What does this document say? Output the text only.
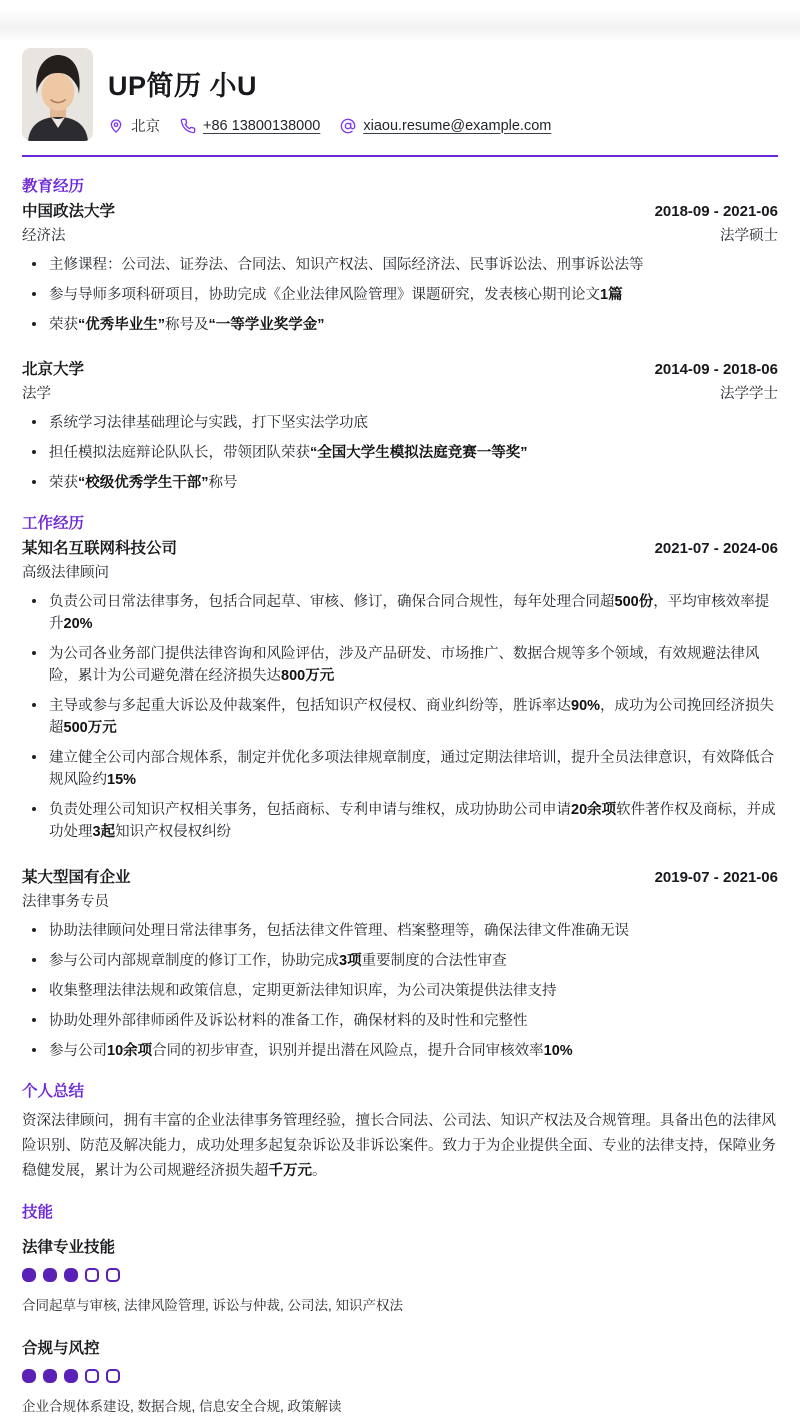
UP简历 小U
北京	+86 13800138000	xiaou.resume@example.com
教育经历
中国政法大学	2018-09 - 2021-06
经济法	法学硕士
主修课程：公司法、证券法、合同法、知识产权法、国际经济法、民事诉讼法、刑事诉讼法等
参与导师多项科研项目，协助完成《企业法律风险管理》课题研究，发表核心期刊论文1篇
荣获“优秀毕业生”称号及“一等学业奖学金”
北京大学	2014-09 - 2018-06
法学	法学学士
系统学习法律基础理论与实践，打下坚实法学功底
担任模拟法庭辩论队队长，带领团队荣获“全国大学生模拟法庭竞赛一等奖”
荣获“校级优秀学生干部”称号
工作经历
某知名互联网科技公司	2021-07 - 2024-06
高级法律顾问
负责公司日常法律事务，包括合同起草、审核、修订，确保合同合规性，每年处理合同超500份，平均审核效率提升20%
为公司各业务部门提供法律咨询和风险评估，涉及产品研发、市场推广、数据合规等多个领域，有效规避法律风险，累计为公司避免潜在经济损失达800万元
主导或参与多起重大诉讼及仲裁案件，包括知识产权侵权、商业纠纷等，胜诉率达90%，成功为公司挽回经济损失超500万元
建立健全公司内部合规体系，制定并优化多项法律规章制度，通过定期法律培训，提升全员法律意识，有效降低合规风险约15%
负责处理公司知识产权相关事务，包括商标、专利申请与维权，成功协助公司申请20余项软件著作权及商标，并成功处理3起知识产权侵权纠纷
某大型国有企业	2019-07 - 2021-06
法律事务专员
协助法律顾问处理日常法律事务，包括法律文件管理、档案整理等，确保法律文件准确无误
参与公司内部规章制度的修订工作，协助完成3项重要制度的合法性审查
收集整理法律法规和政策信息，定期更新法律知识库，为公司决策提供法律支持
协助处理外部律师函件及诉讼材料的准备工作，确保材料的及时性和完整性
参与公司10余项合同的初步审查，识别并提出潜在风险点，提升合同审核效率10%
个人总结

资深法律顾问，拥有丰富的企业法律事务管理经验，擅长合同法、公司法、知识产权法及合规管理。具备出色的法律风险识别、防范及解决能力，成功处理多起复杂诉讼及非诉讼案件。致力于为企业提供全面、专业的法律支持，保障业务稳健发展，累计为公司规避经济损失超千万元。

技能
法律专业技能
合同起草与审核, 法律风险管理, 诉讼与仲裁, 公司法, 知识产权法
合规与风控
企业合规体系建设, 数据合规, 信息安全合规, 政策解读
